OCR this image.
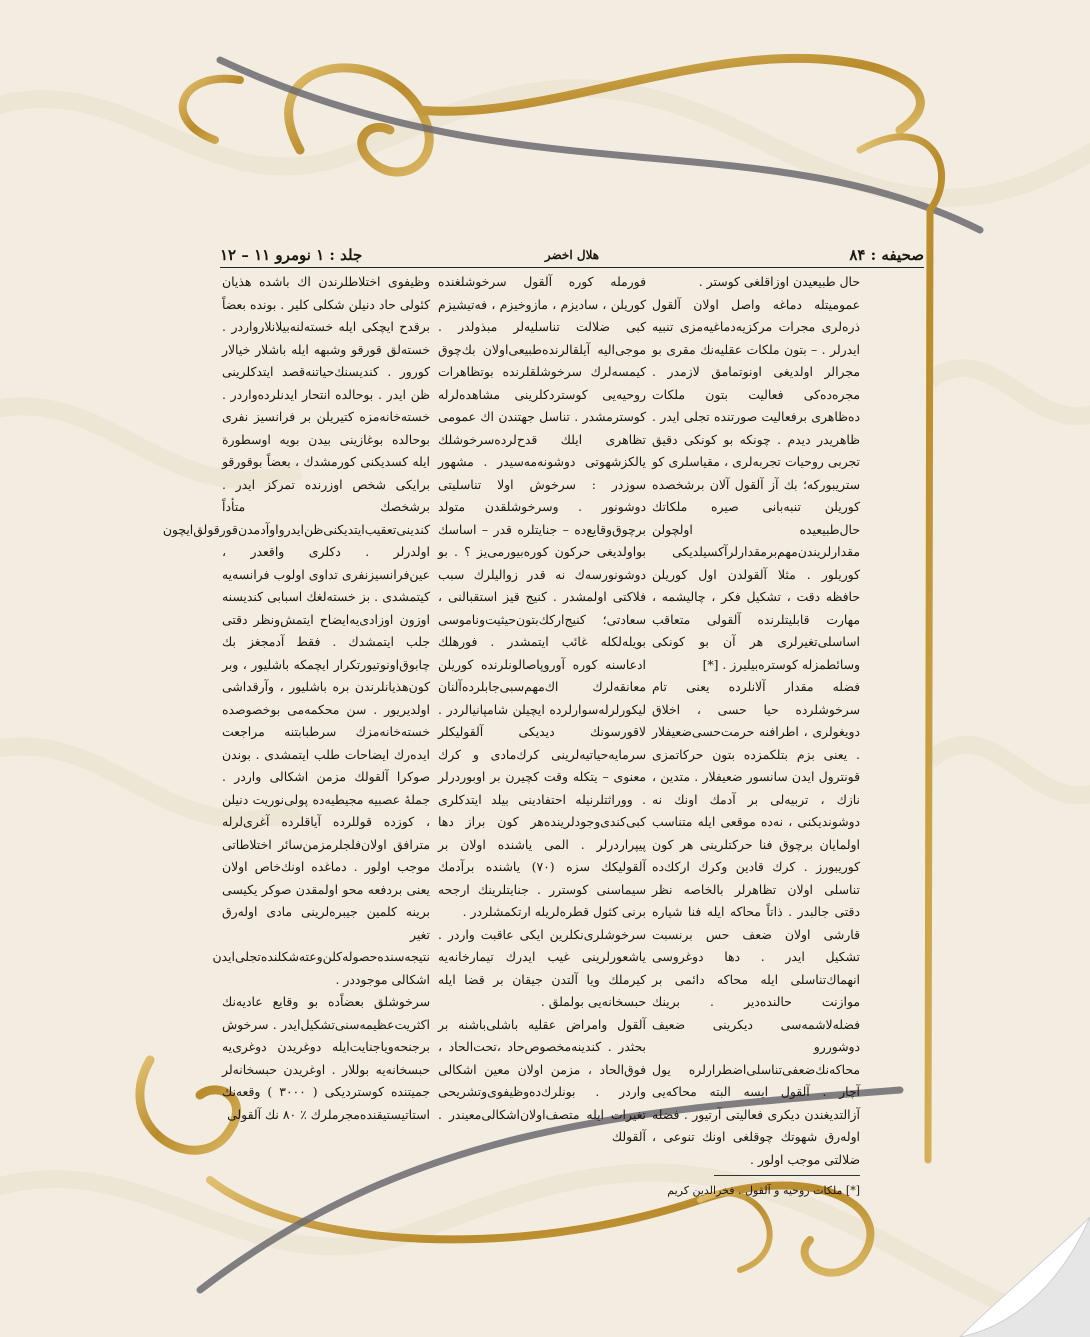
صحیفه : ۸۴
هلال اخضر
جلد : ۱ نومرو ۱۱ – ۱۲

حال طبیعیدن اوزاقلغی کوستر .

عمومیتله دماغه واصل اولان آلقول ذره‌لری مجرات مرکزیه‌دماغیه‌مزی تنبیه ایدرلر . – بتون ملکات عقلیه‌نك مقری بو مجرالر اولدیغی اونوتمامق لازمدر . مجره‌ده‌کی فعالیت بتون ملکات ده‌ظاهری برفعالیت صورتنده تجلی ایدر . ظاهریدر دیدم . چونکه بو کونکی دقیق تجربی روحیات تجربه‌لری ، مقیاسلری کو ستریبورکه؛ بك آز آلقول آلان برشخصده کوریلن تنبه‌بانی صیره ملکاتك حال‌طبیعیده اولچولن مقدارلریندن‌مهم‌برمقدارلرآکسیلدیکی کوریلور . مثلا آلقولدن اول کوریلن حافظه دقت ، تشکیل فکر ، چالیشمه ، مهارت قابلیتلرنده آلقولی متعاقب اساسلی‌تغیرلری هر آن بو کونکی وسائطمزله کوستره‌بیلیرز . [*]

فضله مقدار آلانلرده یعنی تام سرخوشلرده حیا حسی ، اخلاق دویغولری ، اطرافنه حرمت‌حسی‌ضعیفلار . یعنی بزم بتلکمزده بتون حرکاتمزی قونترول ایدن سانسور ضعیفلار . متدین ، نازك ، تربیه‌لی بر آدمك اونك نه دوشوندیکنی ، نه‌ده موقعی ایله متناسب اولمایان برچوق فنا حرکتلرینی هر کون کوریبورز . کرك قادین وکرك ارکك‌ده تناسلی اولان تظاهرلر بالخاصه نظر دقتی جالبدر . ذاتاً محاکه ایله فنا شیاره قارشی اولان ضعف حس برنسبت تشکیل ایدر . دها دوغروسی انهماك‌تناسلی ایله محاکه دائمی بر موازنت حالنده‌دیر . برینك فضله‌لاشمه‌سی دیکرینی ضعیف دوشوررو محاکه‌نك‌ضعفی‌تناسلی‌اضطرارلره یول آچار . آلقول ایسه البته محاکه‌یی آزالتدیغندن دیکری فعالیتی آرتیور . فضله اوله‌رق شهوتك چوقلغی اونك تنوعی ، ضلالتی موجب اولور .

[*] ملکات روحیه‌ و آلقول . فخرالدین کریم

فورمله کوره آلقول سرخوشلغنده کوریلن ، ساد‌یزم ، مازوخیزم ، فه‌تیشیزم کبی ضلالت تناسلیه‌لر مبذولدر . موجی‌الیه آیلقالرنده‌طبیعی‌اولان بك‌چوق کیمسه‌لرك سرخوشلقلرنده بوتظاهرات روحیه‌یی کوستردکلرینی مشاهده‌لرله کوسترمشدر . تناسل جهتندن‌ اك عمومی تظاهری ایلك قدح‌لرده‌سرخوشلك یالکزشهوتی دوشونه‌مه‌سیدر . مشهور سوزدر : سرخوش اولا تناسلیتی دوشونور . وسرخوشلقدن متولد برچوق‌وقایع‌ده – جنایتلره قدر – اساسك بواولدیغی حرکون کوره‌بیورمی‌یز ؟ . بو دوشونورسه‌ك نه قدر زوالیلرك سبب فلاکتی اولمشدر . کنیج قیز استقبالنی ، سعادتی؛ کنیج‌ارکك‌بتون‌حیثیت‌وناموسی بویله‌لکله غائب ایتمشدر . فورهلك ادعاسنه کوره آوروپاصالونلرنده کوریلن معانقه‌لرك اك‌مهم‌سبی‌جابلرده‌آلنان لیکورلرله‌سوارلرده ایچیلن شامپانیالردر . لاقورسونك دیدیکی آلقولیکلر سرمایه‌حیاتیه‌لرینی‌ کرك‌مادی و کرك معنوی – یتکله وقت کچیرن بر اوبوردرلر . ووراثتلرنیله احتفادینی بیلد ایتدکلری کبی‌کندی‌وجودلرینده‌هر کون براز دها پیپراردرلر . المی یاشنده اولان بر آلقولیکك سزه (۷۰) یاشنده برآدمك سیماسنی کوسترر . جنایتلرینك ارجحه برنی کثول قطره‌لریله ارتکمشلردر .

سرخوشلری‌نکلرین ایکی عاقبت واردر . یاشعورلرینی غیب ایدرك تیمارخانه‌یه کیرملك ویا آلتدن جیقان بر قضا ایله حبسخانه‌یی بولملق .

آلقول وامراض عقلیه باشلی‌باشنه بر بحثدر . کندینه‌مخصوص‌حاد ،تحت‌الحاد ، فوق‌الحاد ، مزمن اولان معین اشکالی واردر . بونلرك‌ده‌وظیفوی‌وتشریحی تغیرات ایله متصف‌اولان‌اشکالی‌معیندر . آلقولك

وظیفوی اختلاطلرندن اك باشده هذیان کئولی حاد دنیلن شکلی کلیر . بونده بعضاً برقدح ایچکی ایله خسته‌لنه‌بیلانلار‌واردر . خسته‌لق قورقو وشبهه ایله باشلار خیالار کورور . کندیسنك‌حیاتنه‌قصد ایتدکلرینی ظن ایدر . بوحالده انتحار ایدنلرده‌واردر . خسته‌خانه‌مزه کتیریلن بر فرانسیز نفری بوحالده بوغازینی بیدن بویه اوسطورة ایله کسدیکنی کورمشدك ، بعضاً بوقورقو برایکی شخص اوزرنده تمرکز ایدر . برشخصك متأداً کندینی‌تعقیب‌ایتدیکنی‌ظن‌ایدر‌واو‌آدمدن‌قورقولق‌ایچون اولدرلر . دکلری واقعدر ، عین‌فرانسیزنفری تداوی اولوب فرانسه‌یه کیتمشدی . بز خسته‌لغك اسبابی کندیسنه اوزون اوزادی‌یه‌ایضاح ایتمش‌ونظر دقتی جلب ایتمشدك . فقط آدمجغز بك چابوق‌او‌نوتیور‌تکرار ایچمکه باشلیور ، وبر کون‌هذیانلرندن بره باشلیور ، وآرقداشی اولدیریور . سن محکمه‌می بوخصوصده خسته‌خانه‌مزك سرطبابتنه مراجعت ایده‌رك ایضاحات طلب ایتمشدی . بوندن صوکرا آلقولك مزمن اشکالی واردر . جمله‌ٔ عصبیه‌ مجیطیه‌ده پولی‌نوریت دنیلن ، کوزده قوللرده‌ آیاقلرده‌ آغری‌لرله مترافق اولان‌فلجلرمزمن‌سائر اختلاطاتی موجب اولور . دماغده اونك‌خاص اولان یعنی بردفعه محو اولمقدن صوکر یکیسی برینه کلمین جیبره‌لرینی مادی اوله‌رق تغیر نتیجه‌سنده‌حصوله‌کلن‌وعته‌شکلنده‌تجلی‌ایدن اشکالی موجوددر .

سرخوشلق بعضاً‌ده بو وقایع عادیه‌نك اکثریت‌عظیمه‌سنی‌تشکیل‌ایدر . سرخوش برجنحه‌ویاجنایت‌ایله دوغریدن دوغری‌یه حبسخانه‌یه بوللار . اوغریدن حبسخانه‌لر جمیتنده کوستردیکی ( ۳۰۰۰ ) وقعه‌نك استاتیستیقنده‌مجرملرك ٪ ۸۰ نك آلقولی
